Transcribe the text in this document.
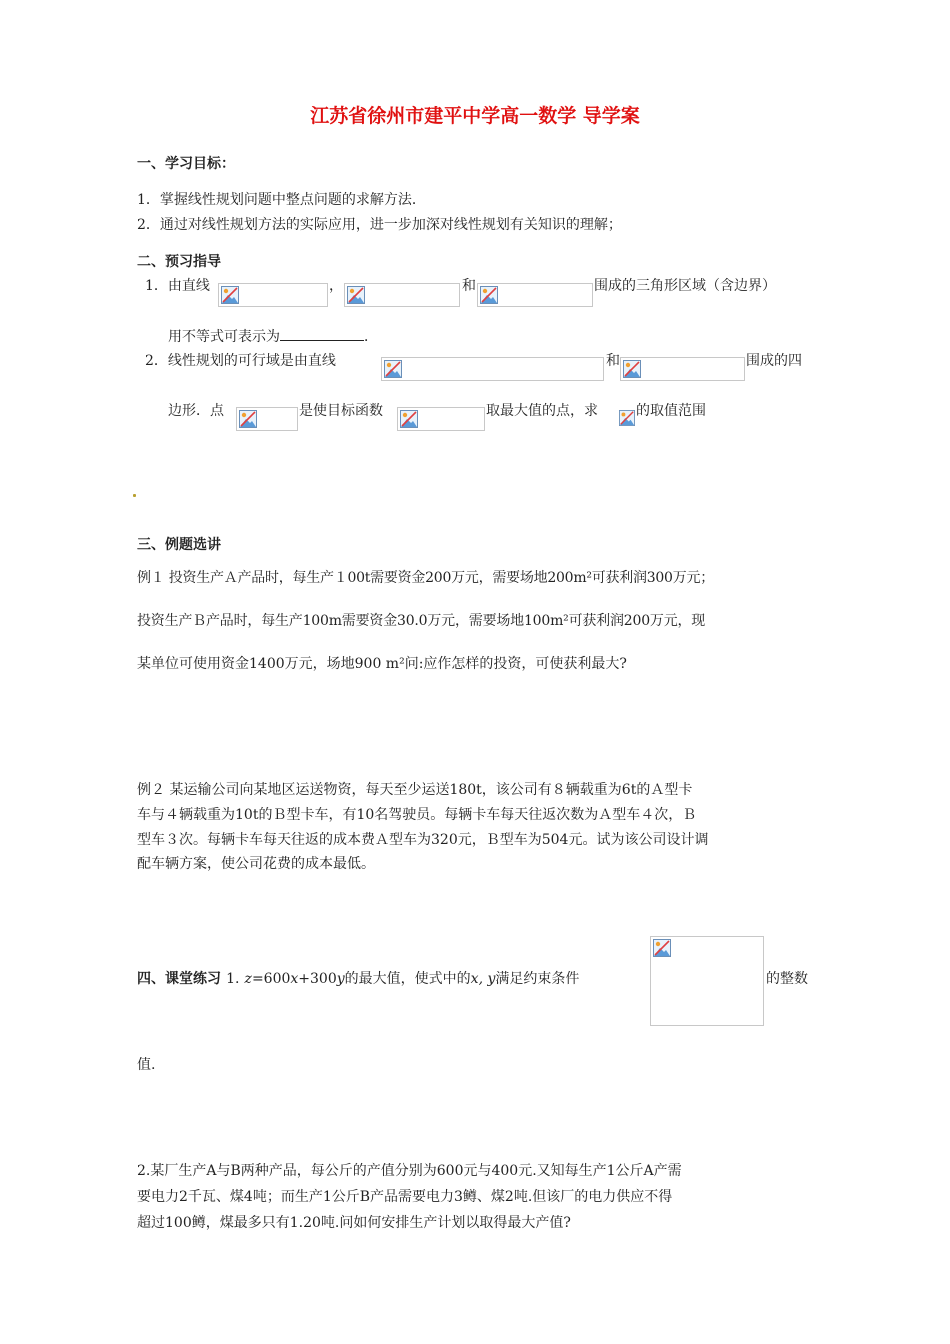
江苏省徐州市建平中学高一数学 导学案
一、学习目标：
1．掌握线性规划问题中整点问题的求解方法．
2．通过对线性规划方法的实际应用，进一步加深对线性规划有关知识的理解；
二、预习指导
1．由直线	，	和	围成的三角形区域（含边界）
用不等式可表示为	．
2．线性规划的可行域是由直线	和	围成的四
边形．点	是使目标函数	取最大值的点，求	的取值范围
三、例题选讲
例１ 投资生产Ａ产品时，每生产１00t需要资金200万元，需要场地200m²可获利润300万元；
投资生产Ｂ产品时，每生产100m需要资金30.0万元，需要场地100m²可获利润200万元，现
某单位可使用资金1400万元，场地900 m²问:应作怎样的投资，可使获利最大?
例２ 某运输公司向某地区运送物资，每天至少运送180t，该公司有８辆载重为6t的Ａ型卡
车与４辆载重为10t的Ｂ型卡车，有10名驾驶员。每辆卡车每天往返次数为Ａ型车４次，Ｂ
型车３次。每辆卡车每天往返的成本费Ａ型车为320元，Ｂ型车为504元。试为该公司设计调
配车辆方案，使公司花费的成本最低。
四、课堂练习 1. z=600x+300y的最大值，使式中的x, y满足约束条件	的整数
值.
2.某厂生产A与B两种产品，每公斤的产值分别为600元与400元.又知每生产1公斤A产需
要电力2千瓦、煤4吨；而生产1公斤B产品需要电力3鳟、煤2吨.但该厂的电力供应不得
超过100鳟，煤最多只有1.20吨.问如何安排生产计划以取得最大产值?
